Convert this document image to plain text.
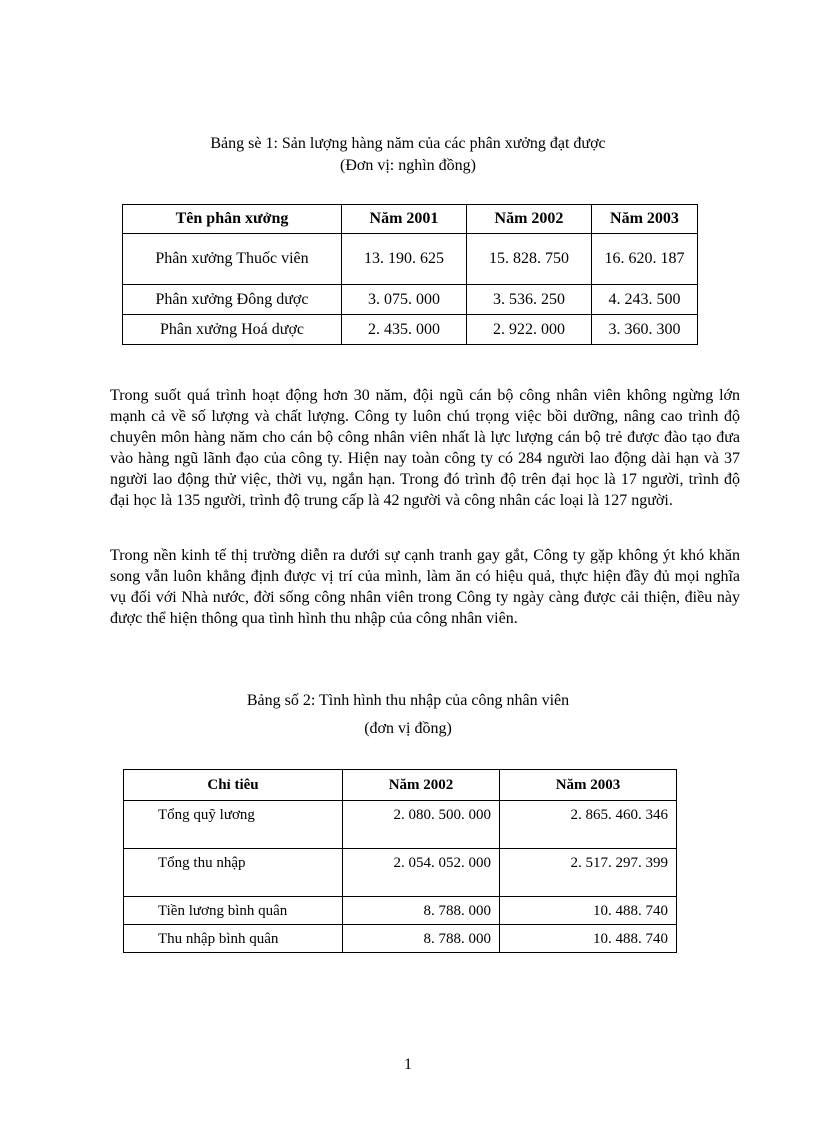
Bảng sè 1: Sản lượng hàng năm của các phân xưởng đạt được
(Đơn vị: nghìn đồng)
Tên phân xưởng	Năm 2001	Năm 2002	Năm 2003
Phân xưởng Thuốc viên	13. 190. 625	15. 828. 750	16. 620. 187
Phân xưởng Đông dược	3. 075. 000	3. 536. 250	4. 243. 500
Phân xưởng Hoá dược	2. 435. 000	2. 922. 000	3. 360. 300

Trong suốt quá trình hoạt động hơn 30 năm, đội ngũ cán bộ công nhân viên không ngừng lớn mạnh cả về số lượng và chất lượng. Công ty luôn chú trọng việc bồi dưỡng, nâng cao trình độ chuyên môn hàng năm cho cán bộ công nhân viên nhất là lực lượng cán bộ trẻ được đào tạo đưa vào hàng ngũ lãnh đạo của công ty. Hiện nay toàn công ty có 284 người lao động dài hạn và 37 người lao động thử việc, thời vụ, ngắn hạn. Trong đó trình độ trên đại học là 17 người, trình độ đại học là 135 người, trình độ trung cấp là 42 người và công nhân các loại là 127 người.

Trong nền kinh tế thị trường diễn ra dưới sự cạnh tranh gay gắt, Công ty gặp không ýt khó khăn song vẫn luôn khẳng định được vị trí của mình, làm ăn có hiệu quả, thực hiện đầy đủ mọi nghĩa vụ đối với Nhà nước, đời sống công nhân viên trong Công ty ngày càng được cải thiện, điều này được thể hiện thông qua tình hình thu nhập của công nhân viên.

Bảng số 2: Tình hình thu nhập của công nhân viên
(đơn vị đồng)
Chỉ tiêu	Năm 2002	Năm 2003
Tổng quỹ lương	2. 080. 500. 000	2. 865. 460. 346
Tổng thu nhập	2. 054. 052. 000	2. 517. 297. 399
Tiền lương bình quân	8. 788. 000	10. 488. 740
Thu nhập bình quân	8. 788. 000	10. 488. 740
1
